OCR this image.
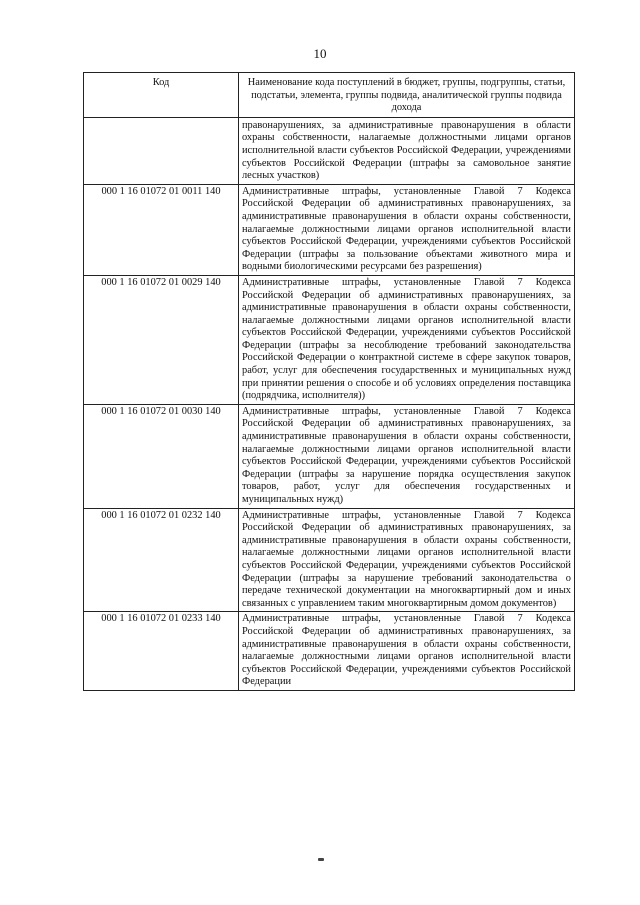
10
Код	Наименование кода поступлений в бюджет, группы, подгруппы, статьи, подстатьи, элемента, группы подвида, аналитической группы подвида дохода
	правонарушениях, за административные правонарушения в области охраны собственности, налагаемые должностными лицами органов исполнительной власти субъектов Российской Федерации, учреждениями субъектов Российской Федерации (штрафы за самовольное занятие лесных участков)
000 1 16 01072 01 0011 140	Административные штрафы, установленные Главой 7 Кодекса Российской Федерации об административных правонарушениях, за административные правонарушения в области охраны собственности, налагаемые должностными лицами органов исполнительной власти субъектов Российской Федерации, учреждениями субъектов Российской Федерации (штрафы за пользование объектами животного мира и водными биологическими ресурсами без разрешения)
000 1 16 01072 01 0029 140	Административные штрафы, установленные Главой 7 Кодекса Российской Федерации об административных правонарушениях, за административные правонарушения в области охраны собственности, налагаемые должностными лицами органов исполнительной власти субъектов Российской Федерации, учреждениями субъектов Российской Федерации (штрафы за несоблюдение требований законодательства Российской Федерации о контрактной системе в сфере закупок товаров, работ, услуг для обеспечения государственных и муниципальных нужд при принятии решения о способе и об условиях определения поставщика (подрядчика, исполнителя))
000 1 16 01072 01 0030 140	Административные штрафы, установленные Главой 7 Кодекса Российской Федерации об административных правонарушениях, за административные правонарушения в области охраны собственности, налагаемые должностными лицами органов исполнительной власти субъектов Российской Федерации, учреждениями субъектов Российской Федерации (штрафы за нарушение порядка осуществления закупок товаров, работ, услуг для обеспечения государственных и муниципальных нужд)
000 1 16 01072 01 0232 140	Административные штрафы, установленные Главой 7 Кодекса Российской Федерации об административных правонарушениях, за административные правонарушения в области охраны собственности, налагаемые должностными лицами органов исполнительной власти субъектов Российской Федерации, учреждениями субъектов Российской Федерации (штрафы за нарушение требований законодательства о передаче технической документации на многоквартирный дом и иных связанных с управлением таким многоквартирным домом документов)
000 1 16 01072 01 0233 140	Административные штрафы, установленные Главой 7 Кодекса Российской Федерации об административных правонарушениях, за административные правонарушения в области охраны собственности, налагаемые должностными лицами органов исполнительной власти субъектов Российской Федерации, учреждениями субъектов Российской Федерации
